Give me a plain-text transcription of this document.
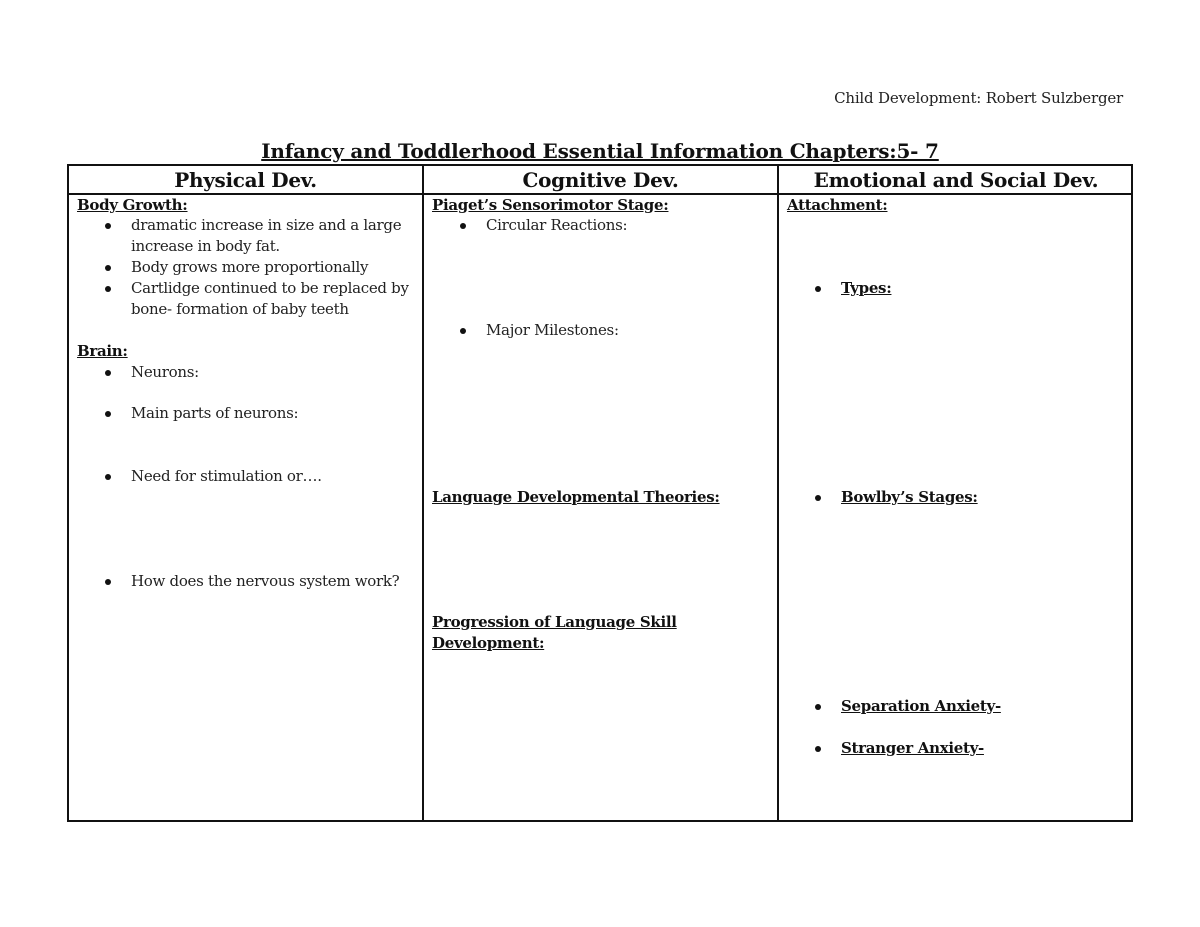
Child Development: Robert Sulzberger
Infancy and Toddlerhood Essential Information Chapters:5- 7
Physical Dev.	Cognitive Dev.	Emotional and Social Dev.
Body Growth:
dramatic increase in size and a large
increase in body fat.
Body grows more proportionally
Cartlidge continued to be replaced by
bone- formation of baby teeth
Brain:
Neurons:
Main parts of neurons:
Need for stimulation or….
How does the nervous system work?
Piaget’s Sensorimotor Stage:
Circular Reactions:
Major Milestones:
Language Developmental Theories:
Progression of Language Skill
Development:
Attachment:
Types:
Bowlby’s Stages:
Separation Anxiety-
Stranger Anxiety-
